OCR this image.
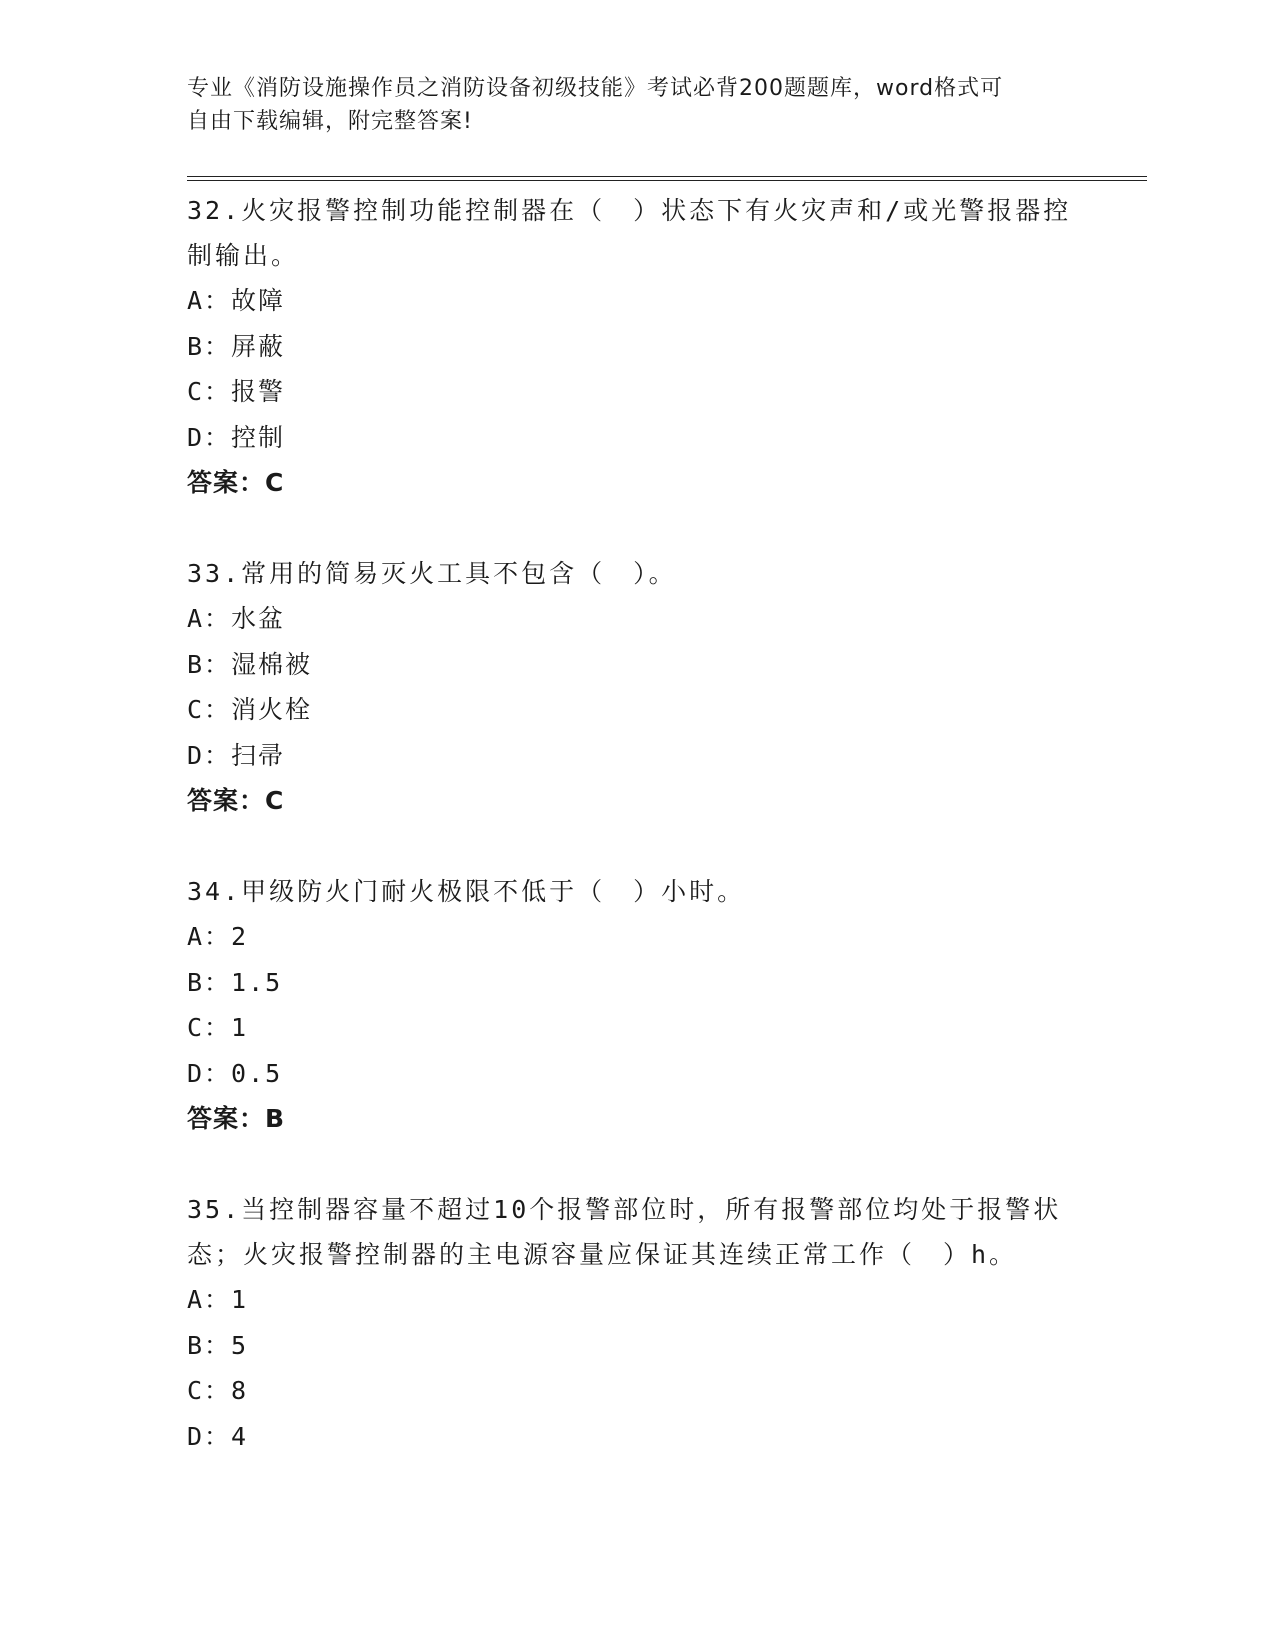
专业《消防设施操作员之消防设备初级技能》考试必背200题题库，word格式可
自由下载编辑，附完整答案!
32.火灾报警控制功能控制器在（　）状态下有火灾声和/或光警报器控制输出。
A：故障
B：屏蔽
C：报警
D：控制
答案：C
33.常用的简易灭火工具不包含（　）。
A：水盆
B：湿棉被
C：消火栓
D：扫帚
答案：C
34.甲级防火门耐火极限不低于（　）小时。
A：2
B：1.5
C：1
D：0.5
答案：B
35.当控制器容量不超过10个报警部位时，所有报警部位均处于报警状态；火灾报警控制器的主电源容量应保证其连续正常工作（　）h。
A：1
B：5
C：8
D：4
